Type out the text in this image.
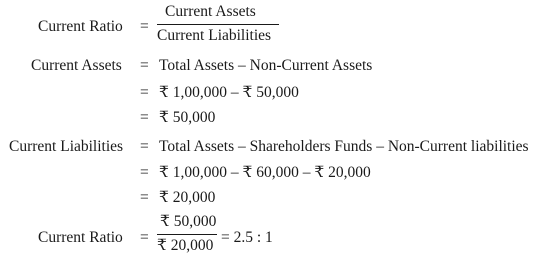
Current Ratio =
Current Assets
Current Liabilities
Current Assets = Total Assets – Non-Current Assets
= ₹ 1,00,000 – ₹ 50,000
= ₹ 50,000
Current Liabilities = Total Assets – Shareholders Funds – Non-Current liabilities
= ₹ 1,00,000 – ₹ 60,000 – ₹ 20,000
= ₹ 20,000
Current Ratio =
₹ 50,000
₹ 20,000 = 2.5 : 1
